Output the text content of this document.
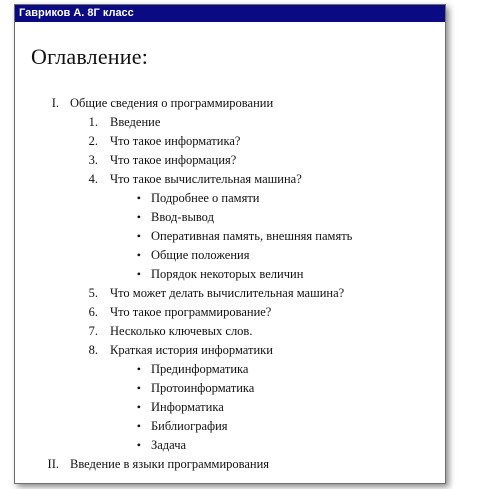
Гавриков А. 8Г класс
Оглавление:
I. Общие сведения о программировании
1. Введение
2. Что такое информатика?
3. Что такое информация?
4. Что такое вычислительная машина?
• Подробнее о памяти
• Ввод-вывод
• Оперативная память, внешняя память
• Общие положения
• Порядок некоторых величин
5. Что может делать вычислительная машина?
6. Что такое программирование?
7. Несколько ключевых слов.
8. Краткая история информатики
• Прединформатика
• Протоинформатика
• Информатика
• Библиография
• Задача
II. Введение в языки программирования
